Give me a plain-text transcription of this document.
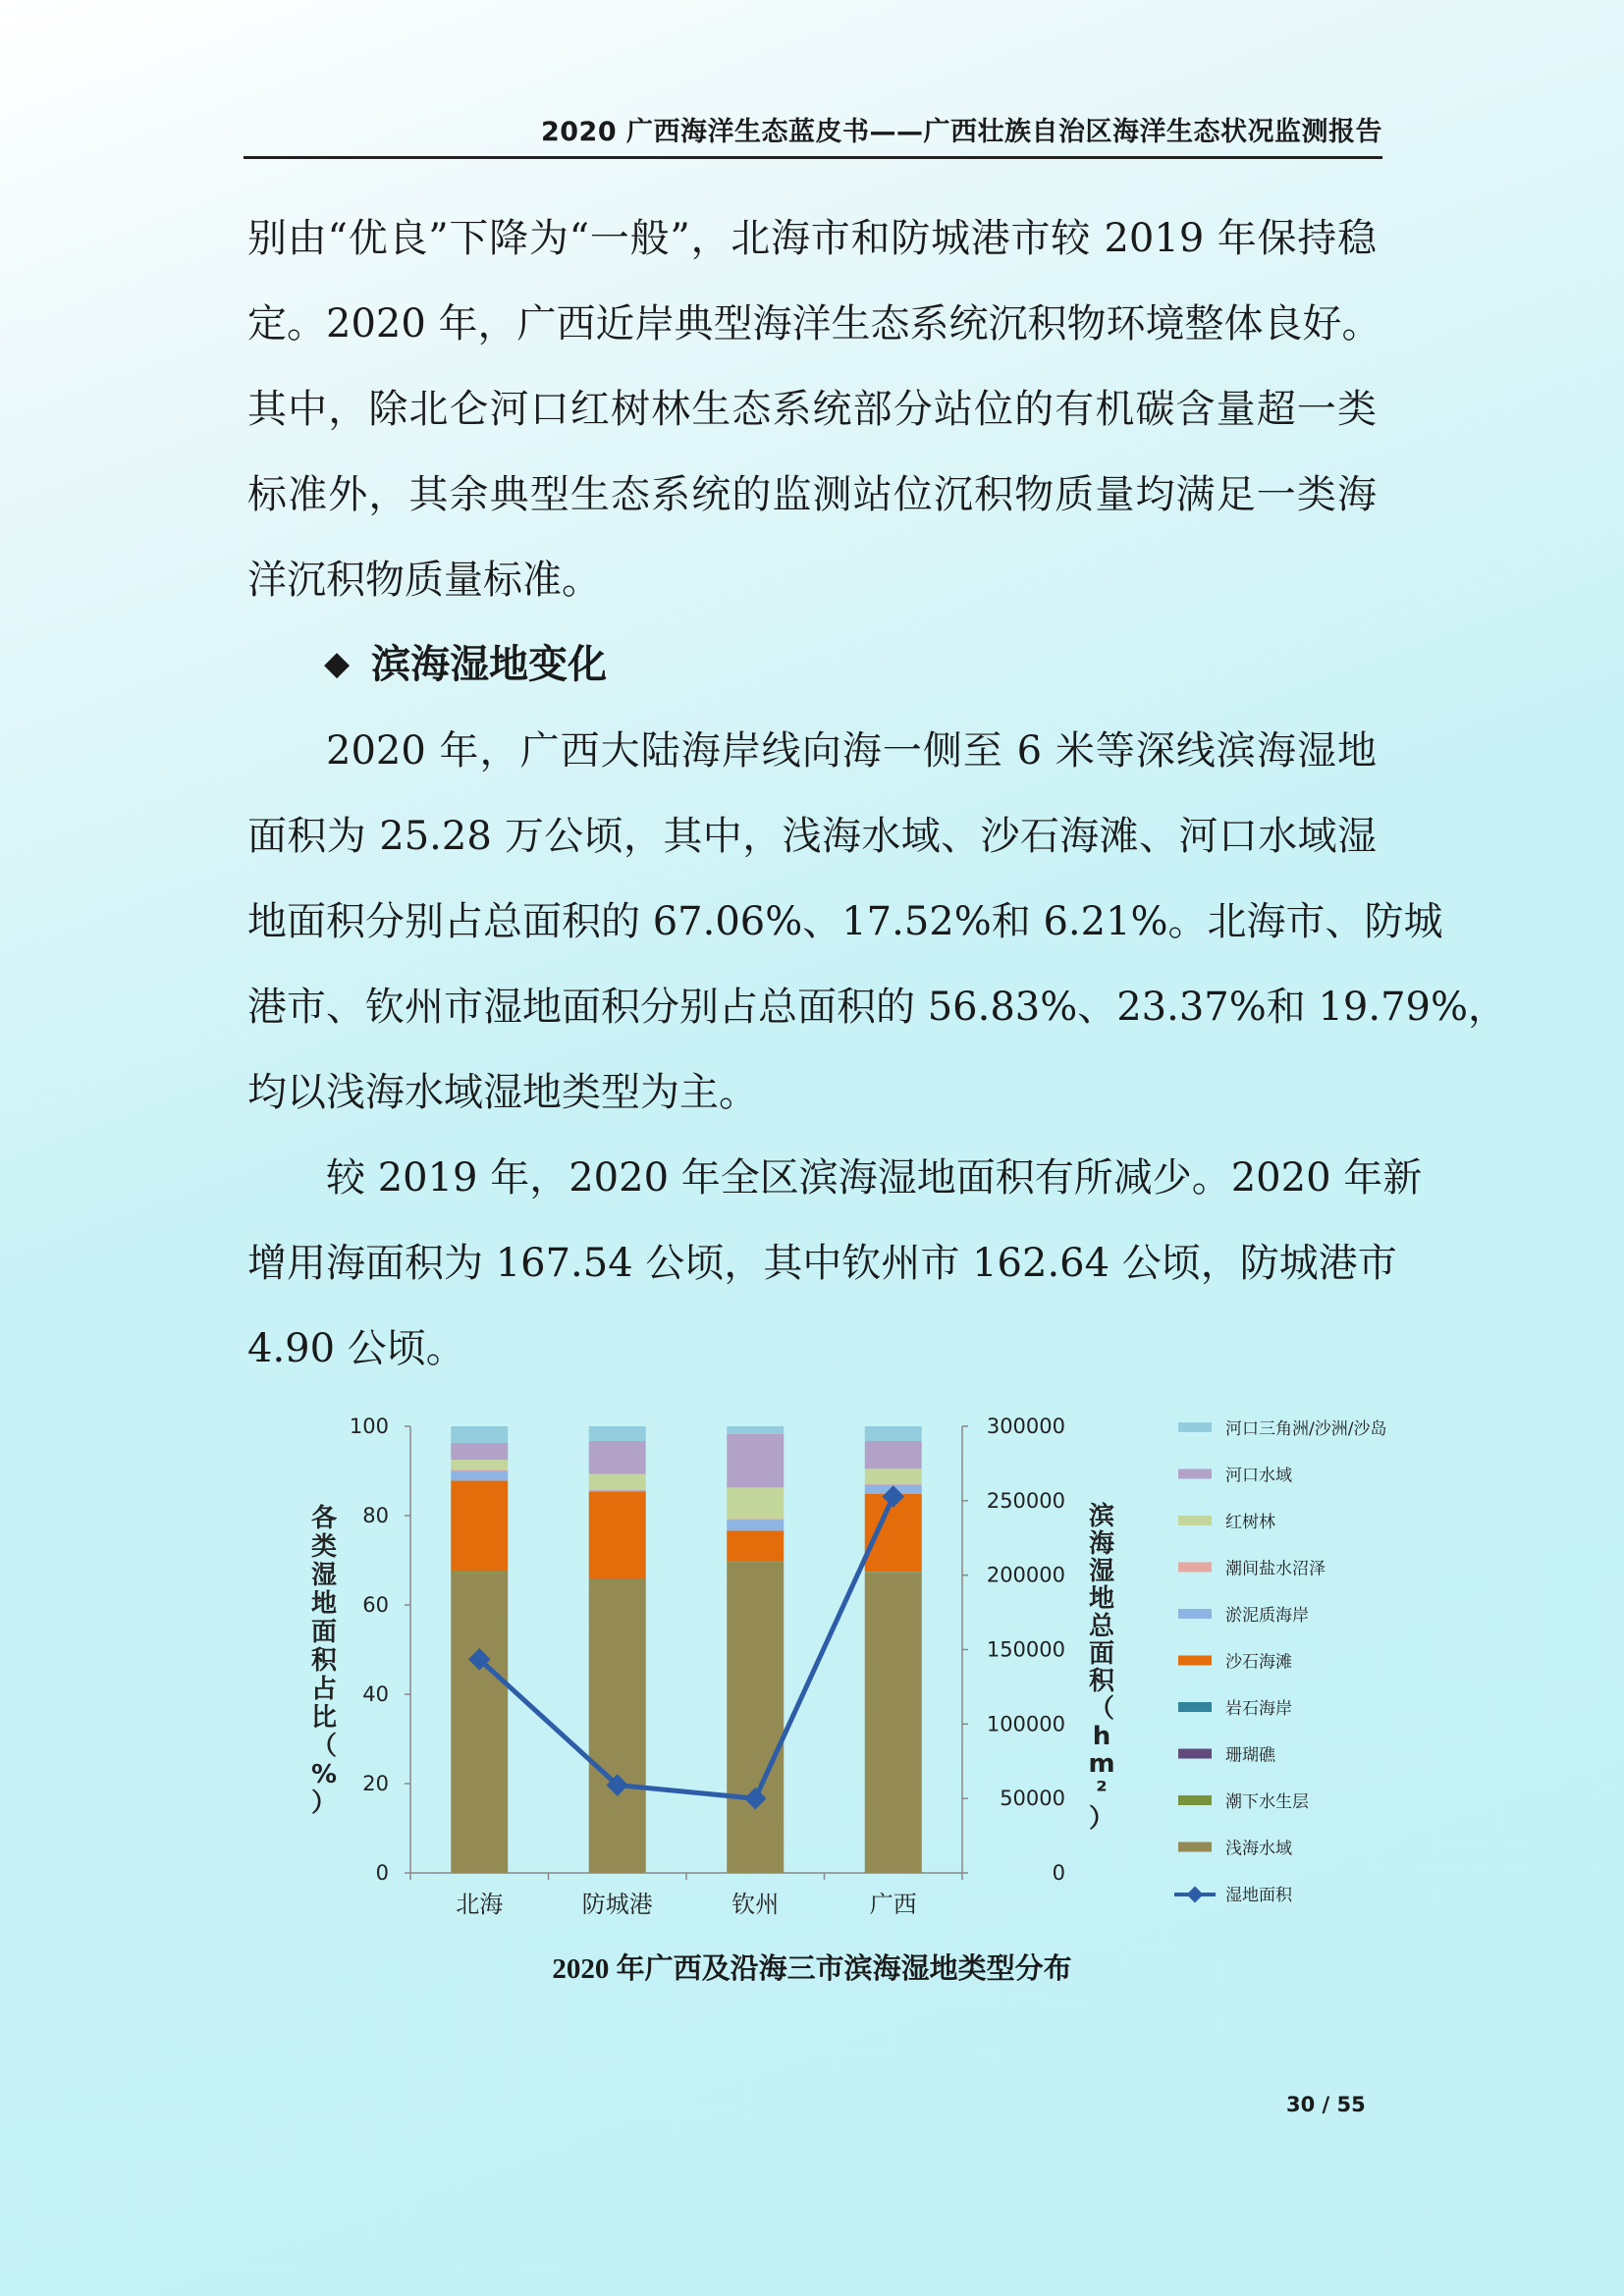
2020 广西海洋生态蓝皮书——广西壮族自治区海洋生态状况监测报告
别由“优良”下降为“一般”，北海市和防城港市较 2019 年保持稳
定。2020 年，广西近岸典型海洋生态系统沉积物环境整体良好。
其中，除北仑河口红树林生态系统部分站位的有机碳含量超一类
标准外，其余典型生态系统的监测站位沉积物质量均满足一类海
洋沉积物质量标准。
◆ 滨海湿地变化
2020 年，广西大陆海岸线向海一侧至 6 米等深线滨海湿地
面积为 25.28 万公顷，其中，浅海水域、沙石海滩、河口水域湿
地面积分别占总面积的 67.06%、17.52%和 6.21%。北海市、防城
港市、钦州市湿地面积分别占总面积的 56.83%、23.37%和 19.79%，
均以浅海水域湿地类型为主。
较 2019 年，2020 年全区滨海湿地面积有所减少。2020 年新
增用海面积为 167.54 公顷，其中钦州市 162.64 公顷，防城港市
4.90 公顷。
0
20
40
60
80
100
0
50000
100000
150000
200000
250000
300000
北海	防城港	钦州	广西
各类湿地面积占比（%）
滨海湿地总面积（ h m ² ）
河口三角洲/沙洲/沙岛
河口水域
红树林
潮间盐水沼泽
淤泥质海岸
沙石海滩
岩石海岸
珊瑚礁
潮下水生层
浅海水域
湿地面积
2020 年广西及沿海三市滨海湿地类型分布
30 / 55
